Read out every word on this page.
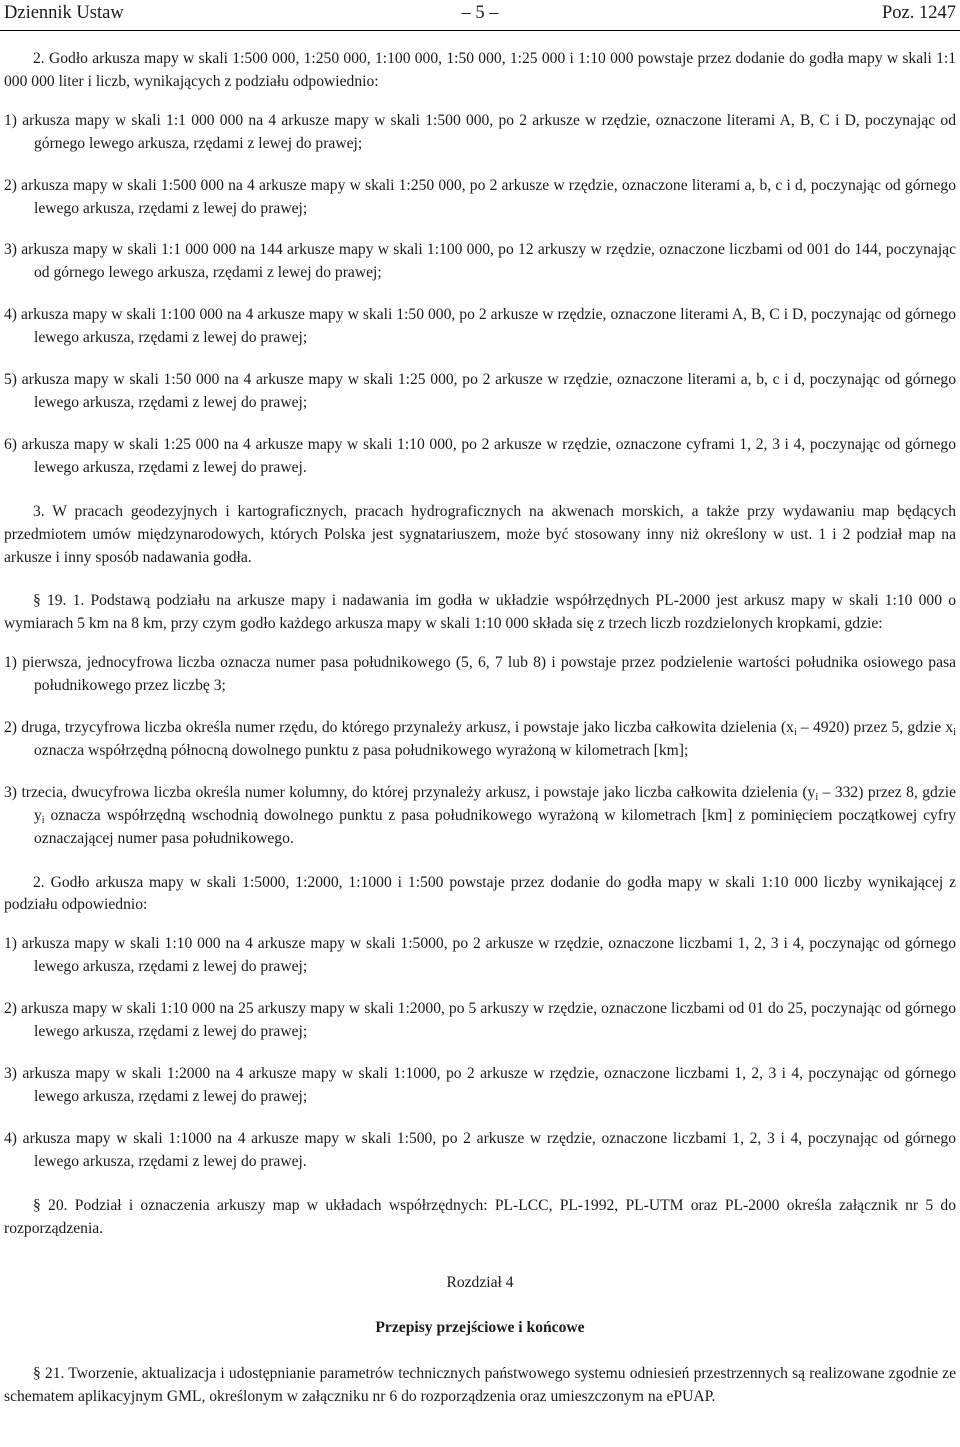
Dziennik Ustaw	– 5 –	Poz. 1247

2. Godło arkusza mapy w skali 1:500 000, 1:250 000, 1:100 000, 1:50 000, 1:25 000 i 1:10 000 powstaje przez dodanie do godła mapy w skali 1:1 000 000 liter i liczb, wynikających z podziału odpowiednio:

1) arkusza mapy w skali 1:1 000 000 na 4 arkusze mapy w skali 1:500 000, po 2 arkusze w rzędzie, oznaczone literami A, B, C i D, poczynając od górnego lewego arkusza, rzędami z lewej do prawej;

2) arkusza mapy w skali 1:500 000 na 4 arkusze mapy w skali 1:250 000, po 2 arkusze w rzędzie, oznaczone literami a, b, c i d, poczynając od górnego lewego arkusza, rzędami z lewej do prawej;

3) arkusza mapy w skali 1:1 000 000 na 144 arkusze mapy w skali 1:100 000, po 12 arkuszy w rzędzie, oznaczone liczbami od 001 do 144, poczynając od górnego lewego arkusza, rzędami z lewej do prawej;

4) arkusza mapy w skali 1:100 000 na 4 arkusze mapy w skali 1:50 000, po 2 arkusze w rzędzie, oznaczone literami A, B, C i D, poczynając od górnego lewego arkusza, rzędami z lewej do prawej;

5) arkusza mapy w skali 1:50 000 na 4 arkusze mapy w skali 1:25 000, po 2 arkusze w rzędzie, oznaczone literami a, b, c i d, poczynając od górnego lewego arkusza, rzędami z lewej do prawej;

6) arkusza mapy w skali 1:25 000 na 4 arkusze mapy w skali 1:10 000, po 2 arkusze w rzędzie, oznaczone cyframi 1, 2, 3 i 4, poczynając od górnego lewego arkusza, rzędami z lewej do prawej.

3. W pracach geodezyjnych i kartograficznych, pracach hydrograficznych na akwenach morskich, a także przy wydawaniu map będących przedmiotem umów międzynarodowych, których Polska jest sygnatariuszem, może być stosowany inny niż określony w ust. 1 i 2 podział map na arkusze i inny sposób nadawania godła.

§ 19. 1. Podstawą podziału na arkusze mapy i nadawania im godła w układzie współrzędnych PL-2000 jest arkusz mapy w skali 1:10 000 o wymiarach 5 km na 8 km, przy czym godło każdego arkusza mapy w skali 1:10 000 składa się z trzech liczb rozdzielonych kropkami, gdzie:

1) pierwsza, jednocyfrowa liczba oznacza numer pasa południkowego (5, 6, 7 lub 8) i powstaje przez podzielenie wartości południka osiowego pasa południkowego przez liczbę 3;

2) druga, trzycyfrowa liczba określa numer rzędu, do którego przynależy arkusz, i powstaje jako liczba całkowita dzielenia $(x_i - 4920)$ przez 5, gdzie $x_i$ oznacza współrzędną północną dowolnego punktu z pasa południkowego wyrażoną w kilometrach [km];

3) trzecia, dwucyfrowa liczba określa numer kolumny, do której przynależy arkusz, i powstaje jako liczba całkowita dzielenia $(y_i - 332)$ przez 8, gdzie $y_i$ oznacza współrzędną wschodnią dowolnego punktu z pasa południkowego wyrażoną w kilometrach [km] z pominięciem początkowej cyfry oznaczającej numer pasa południkowego.

2. Godło arkusza mapy w skali 1:5000, 1:2000, 1:1000 i 1:500 powstaje przez dodanie do godła mapy w skali 1:10 000 liczby wynikającej z podziału odpowiednio:

1) arkusza mapy w skali 1:10 000 na 4 arkusze mapy w skali 1:5000, po 2 arkusze w rzędzie, oznaczone liczbami 1, 2, 3 i 4, poczynając od górnego lewego arkusza, rzędami z lewej do prawej;

2) arkusza mapy w skali 1:10 000 na 25 arkuszy mapy w skali 1:2000, po 5 arkuszy w rzędzie, oznaczone liczbami od 01 do 25, poczynając od górnego lewego arkusza, rzędami z lewej do prawej;

3) arkusza mapy w skali 1:2000 na 4 arkusze mapy w skali 1:1000, po 2 arkusze w rzędzie, oznaczone liczbami 1, 2, 3 i 4, poczynając od górnego lewego arkusza, rzędami z lewej do prawej;

4) arkusza mapy w skali 1:1000 na 4 arkusze mapy w skali 1:500, po 2 arkusze w rzędzie, oznaczone liczbami 1, 2, 3 i 4, poczynając od górnego lewego arkusza, rzędami z lewej do prawej.

§ 20. Podział i oznaczenia arkuszy map w układach współrzędnych: PL-LCC, PL-1992, PL-UTM oraz PL-2000 określa załącznik nr 5 do rozporządzenia.

Rozdział 4

Przepisy przejściowe i końcowe

§ 21. Tworzenie, aktualizacja i udostępnianie parametrów technicznych państwowego systemu odniesień przestrzennych są realizowane zgodnie ze schematem aplikacyjnym GML, określonym w załączniku nr 6 do rozporządzenia oraz umieszczonym na ePUAP.
